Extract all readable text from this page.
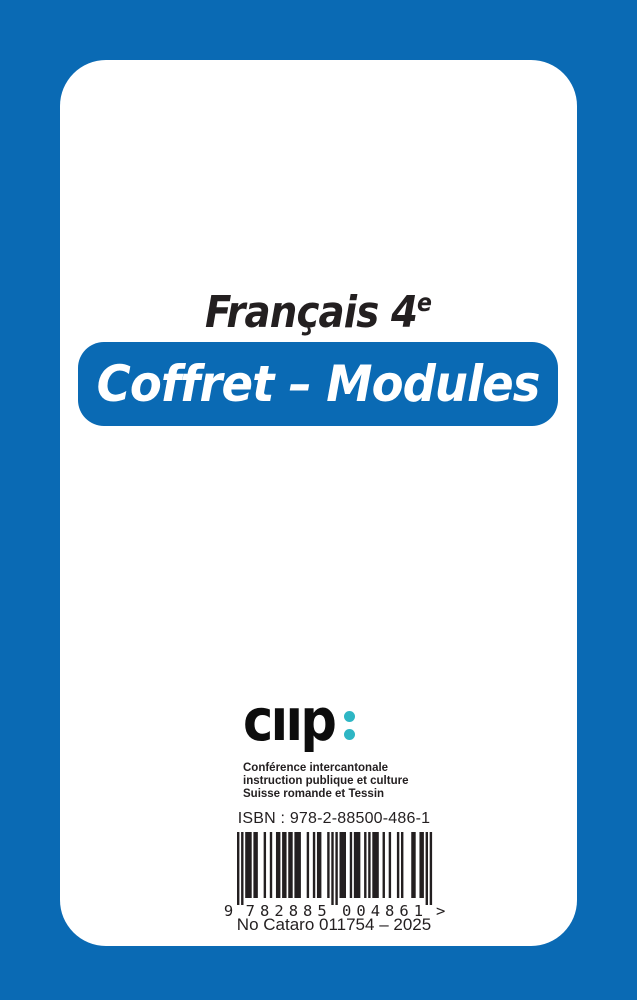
Français 4e
Coffret – Modules
cııp
Conférence intercantonale
instruction publique et culture
Suisse romande et Tessin
ISBN : 978-2-88500-486-1
9 7 8 2 8 8 5 0 0 4 8 6 1 >
No Cataro 011754 – 2025
